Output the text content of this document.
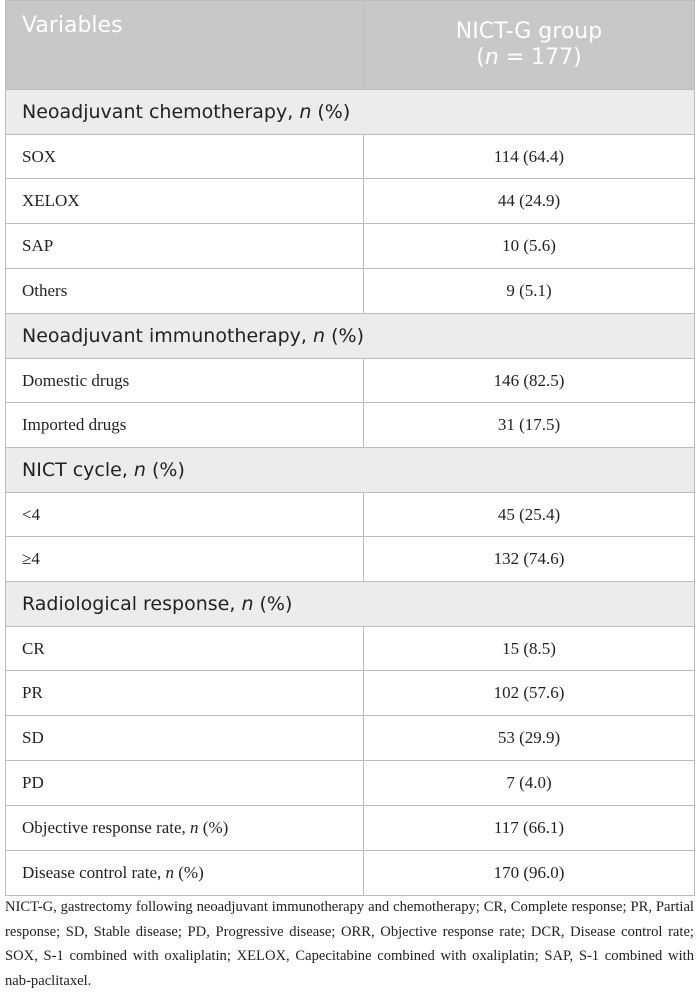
Variables	NICT-G group
(n = 177)
Neoadjuvant chemotherapy, n (%)	
SOX	114 (64.4)
XELOX	44 (24.9)
SAP	10 (5.6)
Others	9 (5.1)
Neoadjuvant immunotherapy, n (%)	
Domestic drugs	146 (82.5)
Imported drugs	31 (17.5)
NICT cycle, n (%)	
<4	45 (25.4)
≥4	132 (74.6)
Radiological response, n (%)	
CR	15 (8.5)
PR	102 (57.6)
SD	53 (29.9)
PD	7 (4.0)
Objective response rate, n (%)	117 (66.1)
Disease control rate, n (%)	170 (96.0)

NICT-G, gastrectomy following neoadjuvant immunotherapy and chemotherapy; CR, Complete response; PR, Partial response; SD, Stable disease; PD, Progressive disease; ORR, Objective response rate; DCR, Disease control rate; SOX, S-1 combined with oxaliplatin; XELOX, Capecitabine combined with oxaliplatin; SAP, S-1 combined with nab-paclitaxel.
